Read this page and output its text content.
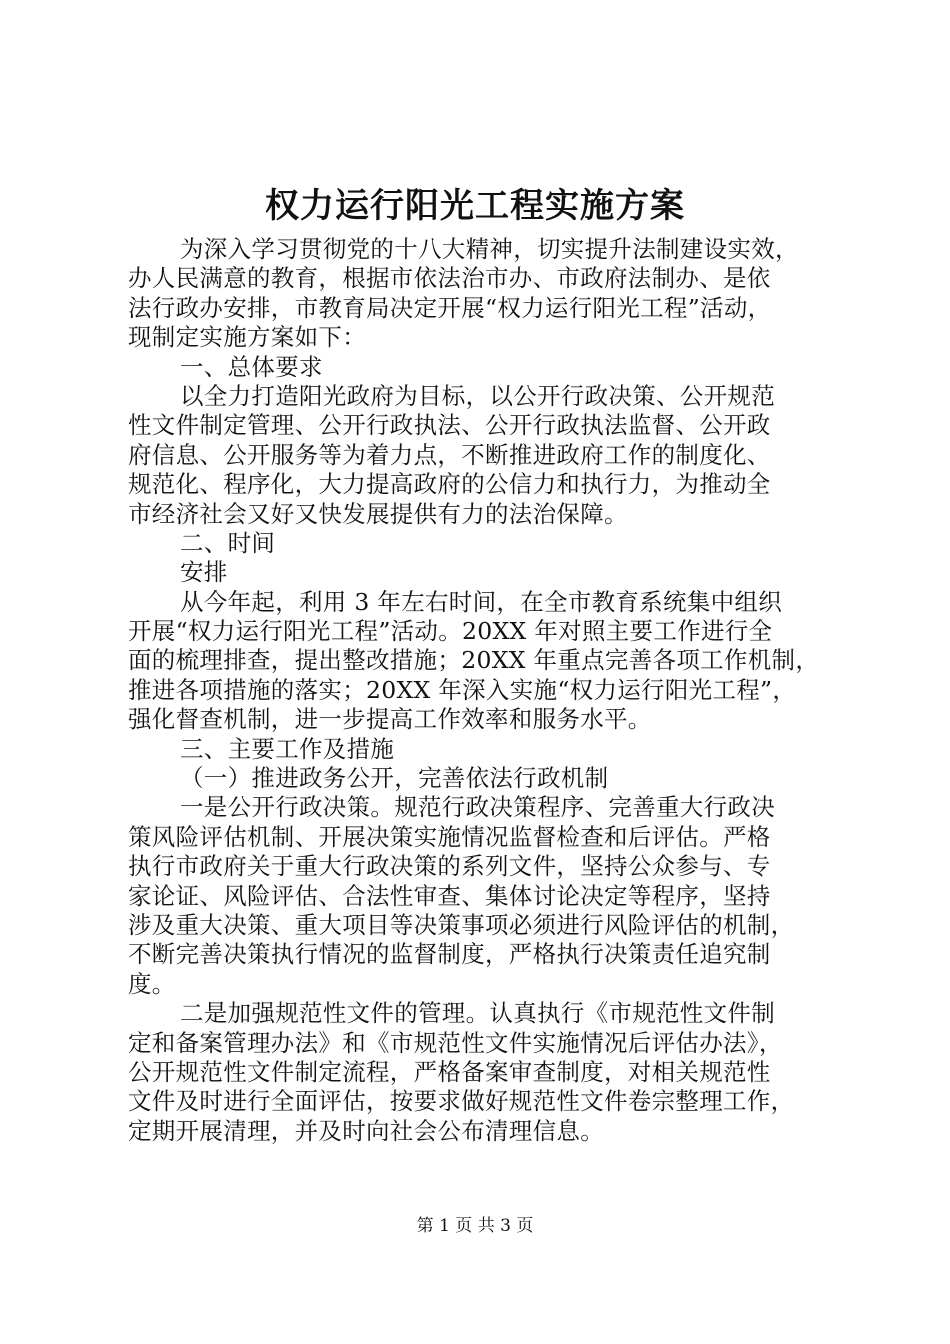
权力运行阳光工程实施方案
为深入学习贯彻党的十八大精神，切实提升法制建设实效，
办人民满意的教育，根据市依法治市办、市政府法制办、是依
法行政办安排，市教育局决定开展“权力运行阳光工程”活动，
现制定实施方案如下：
一、总体要求
以全力打造阳光政府为目标，以公开行政决策、公开规范
性文件制定管理、公开行政执法、公开行政执法监督、公开政
府信息、公开服务等为着力点，不断推进政府工作的制度化、
规范化、程序化，大力提高政府的公信力和执行力，为推动全
市经济社会又好又快发展提供有力的法治保障。
二、时间
安排
从今年起，利用 3 年左右时间，在全市教育系统集中组织
开展“权力运行阳光工程”活动。20XX 年对照主要工作进行全
面的梳理排查，提出整改措施；20XX 年重点完善各项工作机制，
推进各项措施的落实；20XX 年深入实施“权力运行阳光工程”，
强化督查机制，进一步提高工作效率和服务水平。
三、主要工作及措施
（一）推进政务公开，完善依法行政机制
一是公开行政决策。规范行政决策程序、完善重大行政决
策风险评估机制、开展决策实施情况监督检查和后评估。严格
执行市政府关于重大行政决策的系列文件，坚持公众参与、专
家论证、风险评估、合法性审查、集体讨论决定等程序，坚持
涉及重大决策、重大项目等决策事项必须进行风险评估的机制，
不断完善决策执行情况的监督制度，严格执行决策责任追究制
度。
二是加强规范性文件的管理。认真执行《市规范性文件制
定和备案管理办法》和《市规范性文件实施情况后评估办法》，
公开规范性文件制定流程，严格备案审查制度，对相关规范性
文件及时进行全面评估，按要求做好规范性文件卷宗整理工作，
定期开展清理，并及时向社会公布清理信息。
第 1 页 共 3 页
